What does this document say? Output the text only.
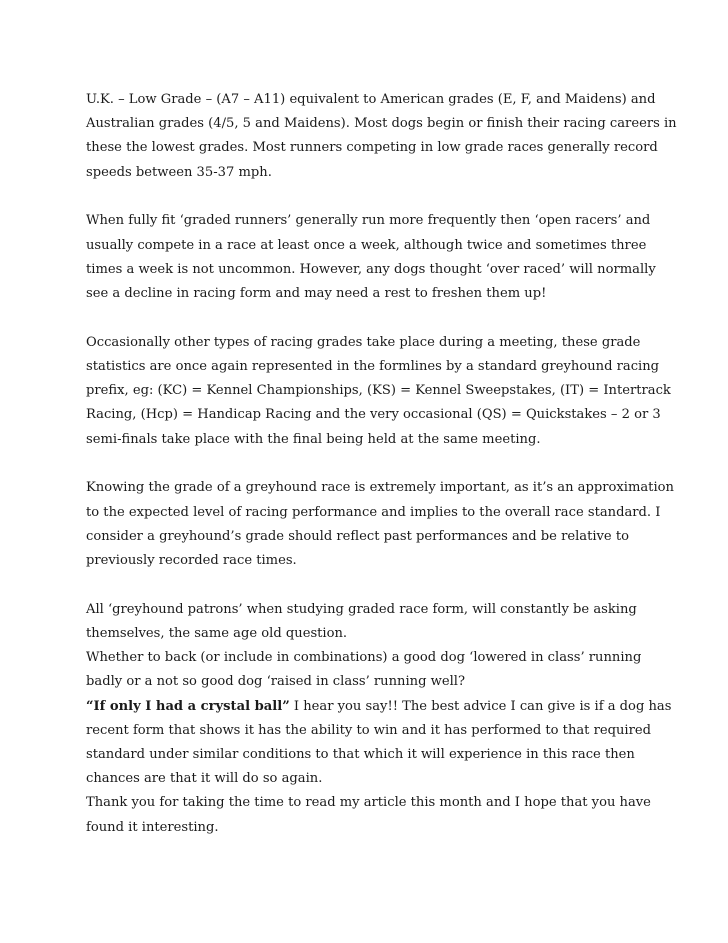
U.K. – Low Grade – (A7 – A11) equivalent to American grades (E, F, and Maidens) and
Australian grades (4/5, 5 and Maidens). Most dogs begin or finish their racing careers in
these the lowest grades. Most runners competing in low grade races generally record
speeds between 35-37 mph.

When fully fit ‘graded runners’ generally run more frequently then ‘open racers’ and
usually compete in a race at least once a week, although twice and sometimes three
times a week is not uncommon. However, any dogs thought ‘over raced’ will normally
see a decline in racing form and may need a rest to freshen them up!

Occasionally other types of racing grades take place during a meeting, these grade
statistics are once again represented in the formlines by a standard greyhound racing
prefix, eg: (KC) = Kennel Championships, (KS) = Kennel Sweepstakes, (IT) = Intertrack
Racing, (Hcp) = Handicap Racing and the very occasional (QS) = Quickstakes – 2 or 3
semi-finals take place with the final being held at the same meeting.

Knowing the grade of a greyhound race is extremely important, as it’s an approximation
to the expected level of racing performance and implies to the overall race standard. I
consider a greyhound’s grade should reflect past performances and be relative to
previously recorded race times.

All ‘greyhound patrons’ when studying graded race form, will constantly be asking
themselves, the same age old question.
Whether to back (or include in combinations) a good dog ‘lowered in class’ running
badly or a not so good dog ‘raised in class’ running well?
“If only I had a crystal ball” I hear you say!! The best advice I can give is if a dog has
recent form that shows it has the ability to win and it has performed to that required
standard under similar conditions to that which it will experience in this race then
chances are that it will do so again.
Thank you for taking the time to read my article this month and I hope that you have
found it interesting.
